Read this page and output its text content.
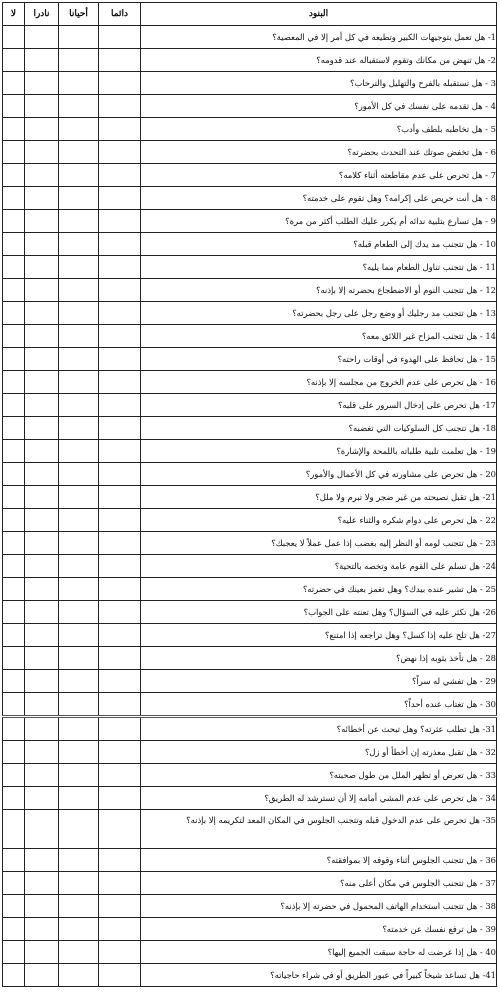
البنود	دائما	أحيانا	نادرا	لا
1- هل تعمل بتوجيهات الكبير وتطيعه في كل أمر إلا في المعصية؟				
2- هل تنهض من مكانك وتقوم لاستقباله عند قدومه؟				
3 - هل تستقبله بالفرح والتهليل والترحاب؟				
4 - هل تقدمه على نفسك في كل الأمور؟				
5 - هل تخاطبه بلطف وأدب؟				
6 - هل تخفض صوتك عند التحدث بحضرته؟				
7 - هل تحرص على عدم مقاطعته أثناء كلامه؟				
8 - هل أنت حريص على إكرامه؟ وهل تقوم على خدمته؟				
9 - هل تسارع بتلبية ندائه أم يكرر عليك الطلب أكثر من مرة؟				
10 - هل تتجنب مد يدك إلى الطعام قبله؟				
11 - هل تتجنب تناول الطعام مما يليه؟				
12 - هل تتجنب النوم أو الاضطجاع بحضرته إلا بإذنه؟				
13 - هل تتجنب مد رجليك أو وضع رجل على رجل بحضرته؟				
14 - هل تتجنب المزاح غير اللائق معه؟				
15 - هل تحافظ على الهدوء في أوقات راحته؟				
16 - هل تحرص على عدم الخروج من مجلسه إلا بإذنه؟				
17- هل تحرص على إدخال السرور على قلبه؟				
18- هل تتجنب كل السلوكيات التي تغضبه؟				
19 - هل تعلمت تلبية طلباته باللمحة والإشارة؟				
20 - هل تحرص على مشاورته في كل الأعمال والأمور؟				
21- هل تقبل نصيحته من غير ضجر ولا تبرم ولا ملل؟				
22 - هل تحرص على دوام شكره والثناء عليه؟				
23 - هل تتجنب لومه أو النظر إليه بغضب إذا عمل عملاً لا يعجبك؟				
24- هل تسلم على القوم عامة وتخصه بالتحية؟				
25 - هل تشير عنده بيدك؟ وهل تغمز بعينك في حضرته؟				
26- هل تكثر عليه في السؤال؟ وهل تعنته على الجواب؟				
27- هل تلح عليه إذا كسل؟ وهل تراجعه إذا امتنع؟				
28 - هل تأخذ بثوبه إذا نهض؟				
29 - هل تفشي له سراً؟				
30 - هل تغتاب عنده أحداً؟				
31- هل تطلب عثرته؟ وهل تبحث عن أخطائه؟				
32 - هل تقبل معذرته إن أخطأ أو زل؟				
33 - هل تعرض أو تظهر الملل من طول صحبته؟				
34 - هل تحرص على عدم المشي أمامه إلا أن تسترشد له الطريق؟				
35- هل تحرص على عدم الدخول قبله وتتجنب الجلوس في المكان المعد لتكريمه إلا بإذنه؟				
36 - هل تتجنب الجلوس أثناء وقوفه إلا بموافقته؟				
37 - هل تتجنب الجلوس في مكان أعلى منه؟				
38 - هل تتجنب استخدام الهاتف المحمول في حضرته إلا بإذنه؟				
39 - هل ترفع نفسك عن خدمته؟				
40 - هل إذا عرضت له حاجة سبقت الجميع إليها؟				
41- هل تساعد شيخاً كبيراً في عبور الطريق أو في شراء حاجياته؟				
